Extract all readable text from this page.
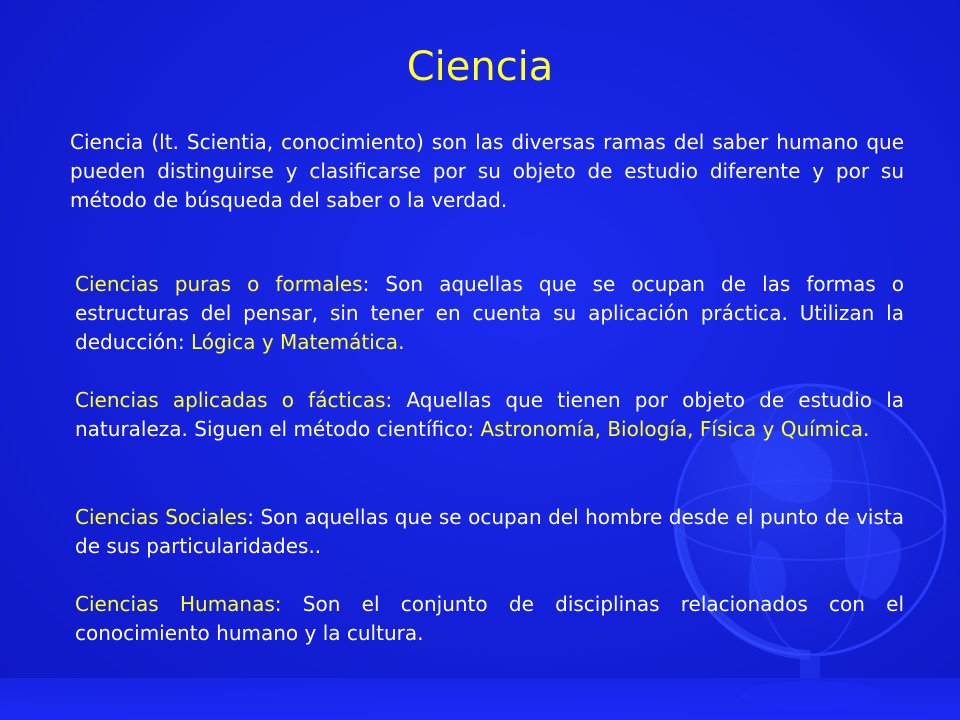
Ciencia

Ciencia (lt. Scientia, conocimiento) son las diversas ramas del saber humano que pueden distinguirse y clasificarse por su objeto de estudio diferente y por su método de búsqueda del saber o la verdad.

Ciencias puras o formales: Son aquellas que se ocupan de las formas o estructuras del pensar, sin tener en cuenta su aplicación práctica. Utilizan la deducción: Lógica y Matemática.

Ciencias aplicadas o fácticas: Aquellas que tienen por objeto de estudio la naturaleza. Siguen el método científico: Astronomía, Biología, Física y Química.

Ciencias Sociales: Son aquellas que se ocupan del hombre desde el punto de vista de sus particularidades..

Ciencias Humanas: Son el conjunto de disciplinas relacionados con el conocimiento humano y la cultura.
